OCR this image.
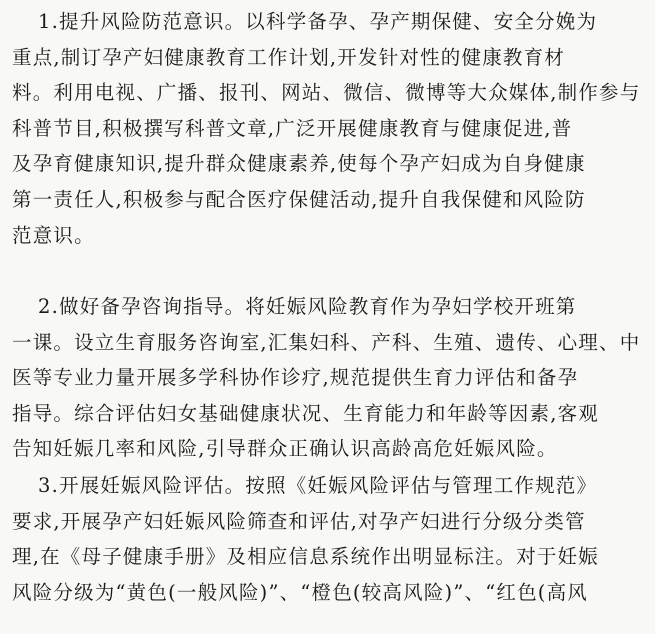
1.提升风险防范意识。以科学备孕、孕产期保健、安全分娩为
重点,制订孕产妇健康教育工作计划,开发针对性的健康教育材
料。利用电视、广播、报刊、网站、微信、微博等大众媒体,制作参与
科普节目,积极撰写科普文章,广泛开展健康教育与健康促进,普
及孕育健康知识,提升群众健康素养,使每个孕产妇成为自身健康
第一责任人,积极参与配合医疗保健活动,提升自我保健和风险防
范意识。
2.做好备孕咨询指导。将妊娠风险教育作为孕妇学校开班第
一课。设立生育服务咨询室,汇集妇科、产科、生殖、遗传、心理、中
医等专业力量开展多学科协作诊疗,规范提供生育力评估和备孕
指导。综合评估妇女基础健康状况、生育能力和年龄等因素,客观
告知妊娠几率和风险,引导群众正确认识高龄高危妊娠风险。
3.开展妊娠风险评估。按照《妊娠风险评估与管理工作规范》
要求,开展孕产妇妊娠风险筛查和评估,对孕产妇进行分级分类管
理,在《母子健康手册》及相应信息系统作出明显标注。对于妊娠
风险分级为“黄色(一般风险)”、“橙色(较高风险)”、“红色(高风
